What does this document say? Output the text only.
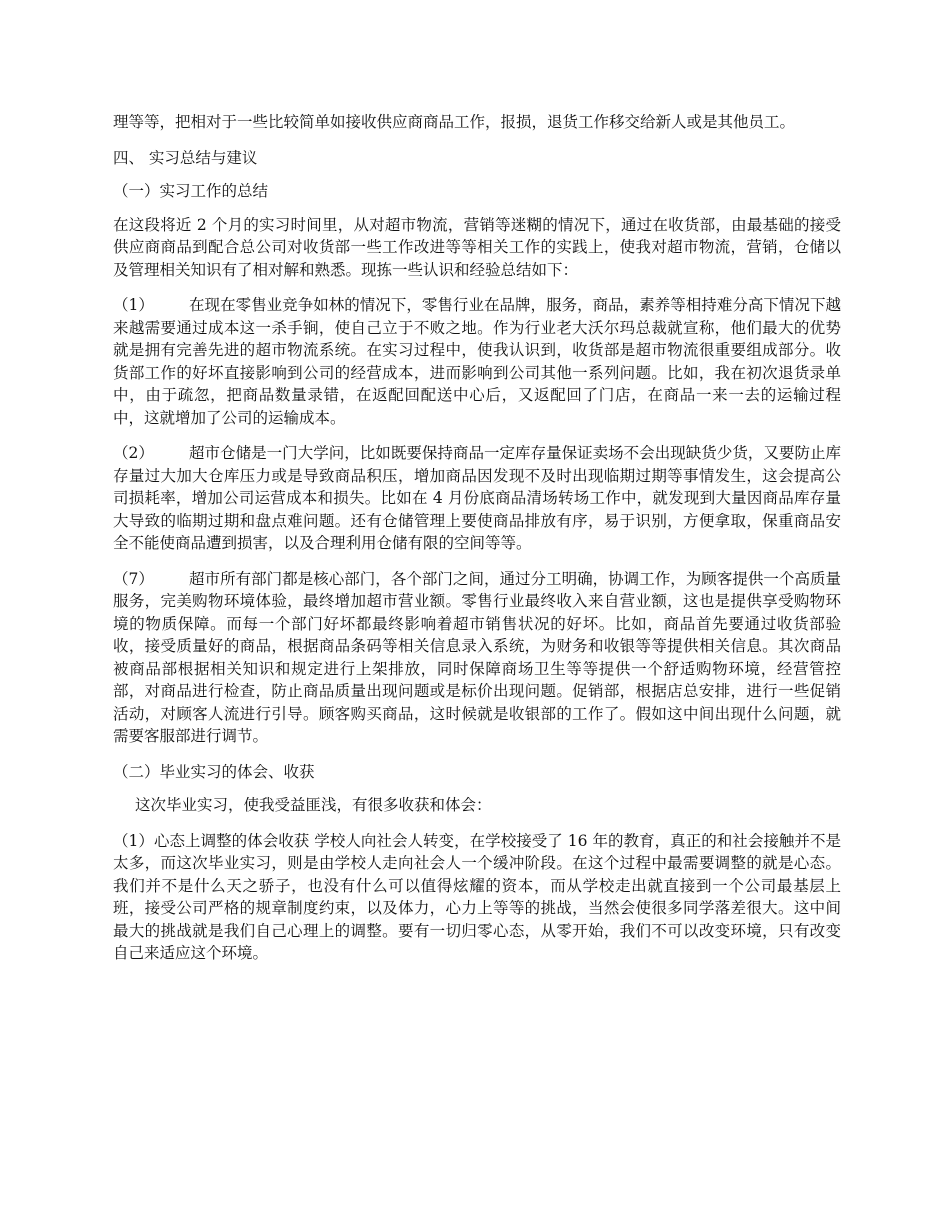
理等等，把相对于一些比较简单如接收供应商商品工作，报损，退货工作移交给新人或是其他员工。

四、 实习总结与建议

（一）实习工作的总结

在这段将近 2 个月的实习时间里，从对超市物流，营销等迷糊的情况下，通过在收货部，由最基础的接受供应商商品到配合总公司对收货部一些工作改进等等相关工作的实践上，使我对超市物流，营销，仓储以及管理相关知识有了相对解和熟悉。现拣一些认识和经验总结如下：

（1） 在现在零售业竞争如林的情况下，零售行业在品牌，服务，商品，素养等相持难分高下情况下越来越需要通过成本这一杀手锏，使自己立于不败之地。作为行业老大沃尔玛总裁就宣称，他们最大的优势就是拥有完善先进的超市物流系统。在实习过程中，使我认识到，收货部是超市物流很重要组成部分。收货部工作的好坏直接影响到公司的经营成本，进而影响到公司其他一系列问题。比如，我在初次退货录单中，由于疏忽，把商品数量录错，在返配回配送中心后，又返配回了门店，在商品一来一去的运输过程中，这就增加了公司的运输成本。

（2） 超市仓储是一门大学问，比如既要保持商品一定库存量保证卖场不会出现缺货少货，又要防止库存量过大加大仓库压力或是导致商品积压，增加商品因发现不及时出现临期过期等事情发生，这会提高公司损耗率，增加公司运营成本和损失。比如在 4 月份底商品清场转场工作中，就发现到大量因商品库存量大导致的临期过期和盘点难问题。还有仓储管理上要使商品排放有序，易于识别，方便拿取，保重商品安全不能使商品遭到损害，以及合理利用仓储有限的空间等等。

（7） 超市所有部门都是核心部门，各个部门之间，通过分工明确，协调工作，为顾客提供一个高质量服务，完美购物环境体验，最终增加超市营业额。零售行业最终收入来自营业额，这也是提供享受购物环境的物质保障。而每一个部门好坏都最终影响着超市销售状况的好坏。比如，商品首先要通过收货部验收，接受质量好的商品，根据商品条码等相关信息录入系统，为财务和收银等等提供相关信息。其次商品被商品部根据相关知识和规定进行上架排放，同时保障商场卫生等等提供一个舒适购物环境，经营管控部，对商品进行检查，防止商品质量出现问题或是标价出现问题。促销部，根据店总安排，进行一些促销活动，对顾客人流进行引导。顾客购买商品，这时候就是收银部的工作了。假如这中间出现什么问题，就需要客服部进行调节。

（二）毕业实习的体会、收获

这次毕业实习，使我受益匪浅，有很多收获和体会：

（1）心态上调整的体会收获 学校人向社会人转变，在学校接受了 16 年的教育，真正的和社会接触并不是太多，而这次毕业实习，则是由学校人走向社会人一个缓冲阶段。在这个过程中最需要调整的就是心态。我们并不是什么天之骄子，也没有什么可以值得炫耀的资本，而从学校走出就直接到一个公司最基层上班，接受公司严格的规章制度约束，以及体力，心力上等等的挑战，当然会使很多同学落差很大。这中间最大的挑战就是我们自己心理上的调整。要有一切归零心态，从零开始，我们不可以改变环境，只有改变自己来适应这个环境。
